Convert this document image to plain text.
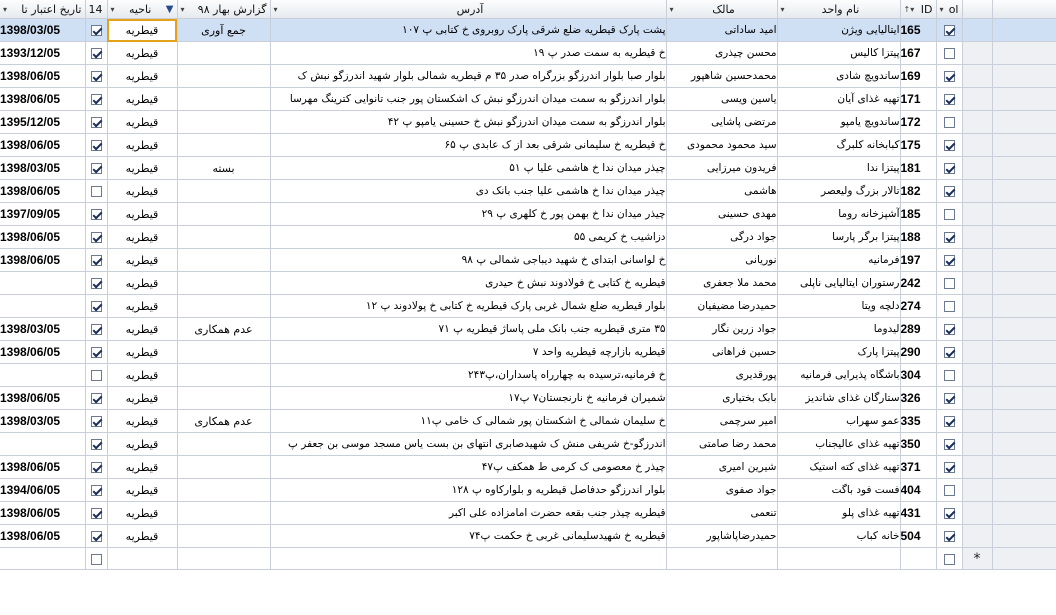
▾ تاریخ اعتبار تا	14	▾ ناحیه ▼	▾ گزارش بهار ۹۸	▾ آدرس	▾ مالک	▾ نام واحد	↑▾ ID	▾ ol		

1398/03/05		قیطریه	جمع آوری	پشت پارک قیطریه ضلع شرقی پارک روبروی خ کتابی پ ۱۰۷	امید ساداتی	ایتالیایی ویژن	165			
1393/12/05		قیطریه		خ قیطریه به سمت صدر پ ۱۹	محسن چیذری	پیتزا کالیس	167			
1398/06/05		قیطریه		بلوار صبا بلوار اندرزگو بزرگراه صدر ۳۵ م قیطریه شمالی بلوار شهید اندرزگو نبش ک	محمدحسین شاهپور	ساندویچ شادی	169			
1398/06/05		قیطریه		بلوار اندرزگو به سمت میدان اندرزگو نبش ک اشکستان پور جنب تانوایی کترینگ مهرسا	یاسین ویسی	تهیه غذای آیان	171			
1395/12/05		قیطریه		بلوار اندرزگو به سمت میدان اندرزگو نبش خ حسینی یامپو پ ۴۲	مرتضی پاشایی	ساندویچ یامپو	172			
1398/06/05		قیطریه		خ قیطریه خ سلیمانی شرقی بعد از ک عابدی پ ۶۵	سید محمود محمودی	کبابخانه کلبرگ	175			
1398/03/05		قیطریه	بسته	چیذر میدان ندا خ هاشمی علیا پ ۵۱	فریدون میرزایی	پیتزا ندا	181			
1398/06/05		قیطریه		چیذر میدان ندا خ هاشمی علیا جنب بانک دی	هاشمی	تالار بزرگ ولیعصر	182			
1397/09/05		قیطریه		چیذر میدان ندا خ بهمن پور خ کلهری پ ۲۹	مهدی حسینی	آشپزخانه روما	185			
1398/06/05		قیطریه		دزاشیب خ کریمی ۵۵	جواد درگی	پیتزا برگر پارسا	188			
1398/06/05		قیطریه		خ لواسانی ابتدای خ شهید دیباجی شمالی پ ۹۸	نوریانی	فرمانیه	197			
		قیطریه		قیطریه خ کتابی خ فولادوند نبش خ حیدری	محمد ملا جعفری	رستوران ایتالیایی ناپلی	242			
		قیطریه		بلوار قیطریه ضلع شمال غربی پارک قیطریه خ کتابی خ پولادوند پ ۱۲	حمیدرضا مضیفیان	دلچه ویتا	274			
1398/03/05		قیطریه	عدم همکاری	۳۵ متری قیطریه جنب بانک ملی پاساژ قیطریه پ ۷۱	جواد زرین نگار	لیدوما	289			
1398/06/05		قیطریه		قیطریه بازارچه قیطریه واحد ۷	حسین فراهانی	پیتزا پارک	290			
		قیطریه		خ فرمانیه،ترسیده به چهارراه پاسداران،پ۲۴۳	پورقدیری	باشگاه پذیرایی فرمانیه	304			
1398/06/05		قیطریه		شمیران فرمانیه خ نارنجستان۷ پ۱۷	بابک بختیاری	ستارگان غذای شاندیز	326			
1398/03/05		قیطریه	عدم همکاری	خ سلیمان شمالی خ اشکستان پور شمالی ک خامی پ۱۱	امیر سرچمی	عمو سهراب	335			
		قیطریه		اندرزگو-خ شریفی منش ک شهیدصابری انتهای بن بست یاس مسجد موسی بن جعفر پ	محمد رضا صامتی	تهیه غذای عالیجناب	350			
1398/06/05		قیطریه		چیذر خ معصومی ک کرمی ط همکف پ۴۷	شیرین امیری	تهیه غذای کته استیک	371			
1394/06/05		قیطریه		بلوار اندرزگو حدفاصل قیطریه و بلوارکاوه پ ۱۲۸	جواد صفوی	فست فود باگت	404			
1398/06/05		قیطریه		قیطریه چیذر جنب بقعه حضرت امامزاده علی اکبر	تنعمی	تهیه غذای پلو	431			
1398/06/05		قیطریه		قیطریه خ شهیدسلیمانی غربی خ حکمت پ۷۴	حمیدرضاپاشاپور	خانه کباب	504			
									*	
